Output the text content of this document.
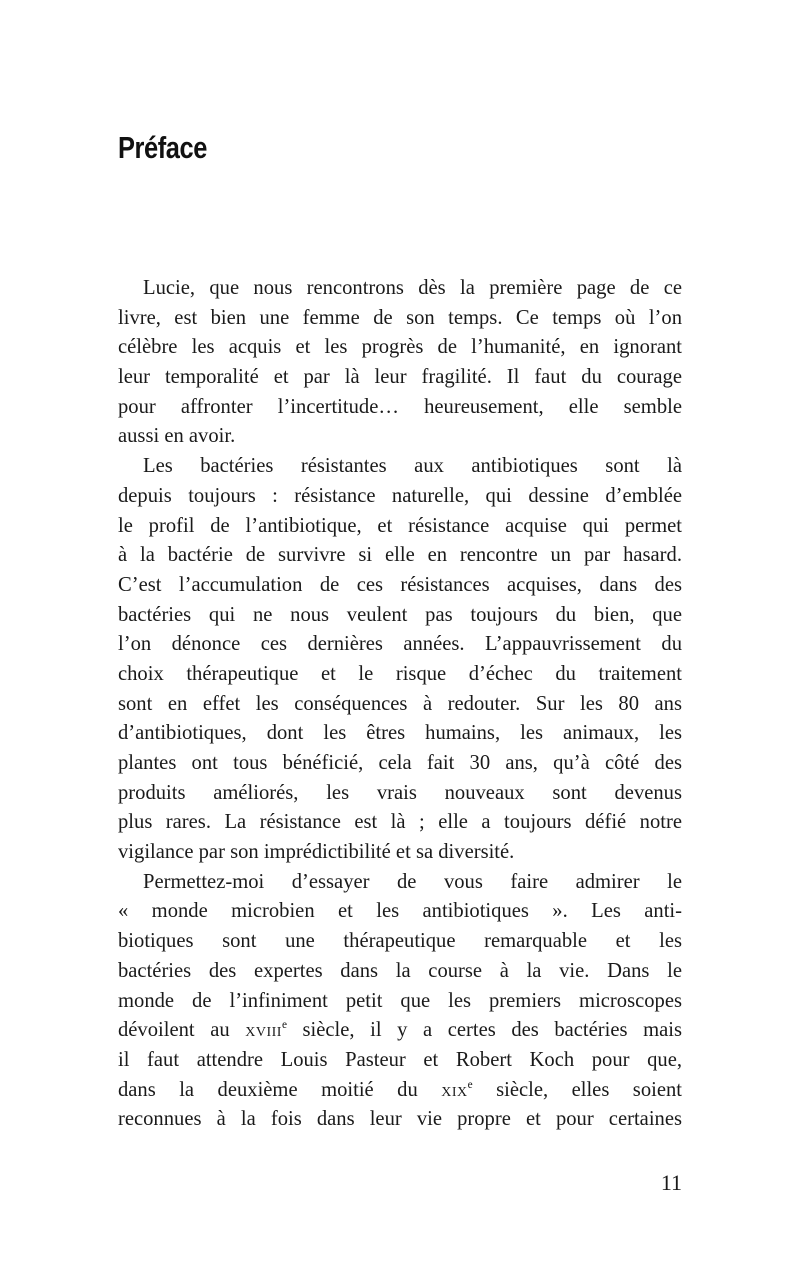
Préface
Lucie, que nous rencontrons dès la première page de ce
livre, est bien une femme de son temps. Ce temps où l’on
célèbre les acquis et les progrès de l’humanité, en ignorant
leur temporalité et par là leur fragilité. Il faut du courage
pour affronter l’incertitude… heureusement, elle semble
aussi en avoir.
Les bactéries résistantes aux antibiotiques sont là
depuis toujours : résistance naturelle, qui dessine d’emblée
le profil de l’antibiotique, et résistance acquise qui permet
à la bactérie de survivre si elle en rencontre un par hasard.
C’est l’accumulation de ces résistances acquises, dans des
bactéries qui ne nous veulent pas toujours du bien, que
l’on dénonce ces dernières années. L’appauvrissement du
choix thérapeutique et le risque d’échec du traitement
sont en effet les conséquences à redouter. Sur les 80 ans
d’antibiotiques, dont les êtres humains, les animaux, les
plantes ont tous bénéficié, cela fait 30 ans, qu’à côté des
produits améliorés, les vrais nouveaux sont devenus
plus rares. La résistance est là ; elle a toujours défié notre
vigilance par son imprédictibilité et sa diversité.
Permettez-moi d’essayer de vous faire admirer le
« monde microbien et les antibiotiques ». Les anti-
biotiques sont une thérapeutique remarquable et les
bactéries des expertes dans la course à la vie. Dans le
monde de l’infiniment petit que les premiers microscopes
dévoilent au xviii$^e$ siècle, il y a certes des bactéries mais
il faut attendre Louis Pasteur et Robert Koch pour que,
dans la deuxième moitié du xix$^e$ siècle, elles soient
reconnues à la fois dans leur vie propre et pour certaines
11
